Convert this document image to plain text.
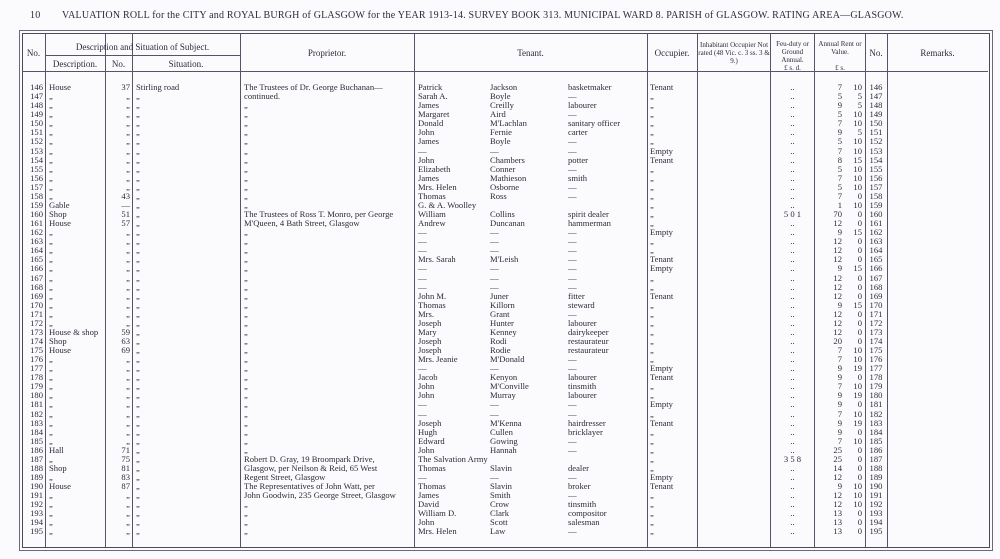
10 VALUATION ROLL for the CITY and ROYAL BURGH of GLASGOW for the YEAR 1913-14. SURVEY BOOK 313. MUNICIPAL WARD 8. PARISH of GLASGOW. RATING AREA—GLASGOW.
No.
Description and Situation of Subject.
Description.	No.	Situation.
Proprietor.	Tenant.	Occupier.
Inhabitant Occupier Not rated (48 Vic. c. 3 ss. 3 & 9.)
Feu-duty or Ground Annual.
£ s. d.
Annual Rent or Value.
£ s.
No.	Remarks.
146 House	37 Stirling road	The Trustees of Dr. George Buchanan—	Patrick	Jackson	basketmaker	Tenant	..	7	10 146
147 „	„ „	continued.	Sarah A.	Boyle	—	„	..	5	5 147
148 „	„ „	„	James	Creilly	labourer	„	..	9	5 148
149 „	„ „	„	Margaret	Aird	—	„	..	5	10 149
150 „	„ „	„	Donald	M'Lachlan	sanitary officer	„	..	7	10 150
151 „	„ „	„	John	Fernie	carter	„	..	9	5 151
152 „	„ „	„	James	Boyle	—	„	..	5	10 152
153 „	„ „	„	—	—	—	Empty	..	7	10 153
154 „	„ „	„	John	Chambers	potter	Tenant	..	8	15 154
155 „	„ „	„	Elizabeth	Conner	—	„	..	5	10 155
156 „	„ „	„	James	Mathieson	smith	„	..	7	10 156
157 „	„ „	„	Mrs. Helen	Osborne	—	„	..	5	10 157
158 „	43 „	„	Thomas	Ross	—	„	..	7	0 158
159 Gable	— „	„	G. & A. Woolley	„	..	1	10 159
160 Shop	51 „	The Trustees of Ross T. Monro, per George	William	Collins	spirit dealer	„	5 0 1	70	0 160
161 House	57 „	M'Queen, 4 Bath Street, Glasgow	Andrew	Duncanan	hammerman	„	..	12	0 161
162 „	„ „	„	—	—	—	Empty	..	9	15 162
163 „	„ „	„	—	—	—	„	..	12	0 163
164 „	„ „	„	—	—	—	„	..	12	0 164
165 „	„ „	„	Mrs. Sarah	M'Leish	—	Tenant	..	12	0 165
166 „	„ „	„	—	—	—	Empty	..	9	15 166
167 „	„ „	„	—	—	—	„	..	12	0 167
168 „	„ „	„	—	—	—	„	..	12	0 168
169 „	„ „	„	John M.	Juner	fitter	Tenant	..	12	0 169
170 „	„ „	„	Thomas	Killorn	steward	„	..	9	15 170
171 „	„ „	„	Mrs.	Grant	—	„	..	12	0 171
172 „	„ „	„	Joseph	Hunter	labourer	„	..	12	0 172
173 House & shop	59 „	„	Mary	Kenney	dairykeeper	„	..	12	0 173
174 Shop	63 „	„	Joseph	Rodi	restaurateur	„	..	20	0 174
175 House	69 „	„	Joseph	Rodie	restaurateur	„	..	7	10 175
176 „	„ „	„	Mrs. Jeanie	M'Donald	—	„	..	7	10 176
177 „	„ „	„	—	—	—	Empty	..	9	19 177
178 „	„ „	„	Jacob	Kenyon	labourer	Tenant	..	9	0 178
179 „	„ „	„	John	M'Conville	tinsmith	„	..	7	10 179
180 „	„ „	„	John	Murray	labourer	„	..	9	19 180
181 „	„ „	„	—	—	—	Empty	..	9	0 181
182 „	„ „	„	—	—	—	„	..	7	10 182
183 „	„ „	„	Joseph	M'Kenna	hairdresser	Tenant	..	9	19 183
184 „	„ „	„	Hugh	Cullen	bricklayer	„	..	9	0 184
185 „	„ „	„	Edward	Gowing	—	„	..	7	10 185
186 Hall	71 „	„	John	Hannah	—	„	..	25	0 186
187 „	75 „	Robert D. Gray, 19 Broompark Drive,	The Salvation Army	„	3 5 8	25	0 187
188 Shop	81 „	Glasgow, per Neilson & Reid, 65 West	Thomas	Slavin	dealer	„	..	14	0 188
189 „	83 „	Regent Street, Glasgow	—	—	—	Empty	..	12	0 189
190 House	87 „	The Representatives of John Watt, per	Thomas	Slavin	broker	Tenant	..	9	10 190
191 „	„ „	John Goodwin, 235 George Street, Glasgow	James	Smith	—	„	..	12	10 191
192 „	„ „	„	David	Crow	tinsmith	„	..	12	10 192
193 „	„ „	„	William D.	Clark	compositor	„	..	13	0 193
194 „	„ „	„	John	Scott	salesman	„	..	13	0 194
195 „	„ „	„	Mrs. Helen	Law	—	„	..	13	0 195
